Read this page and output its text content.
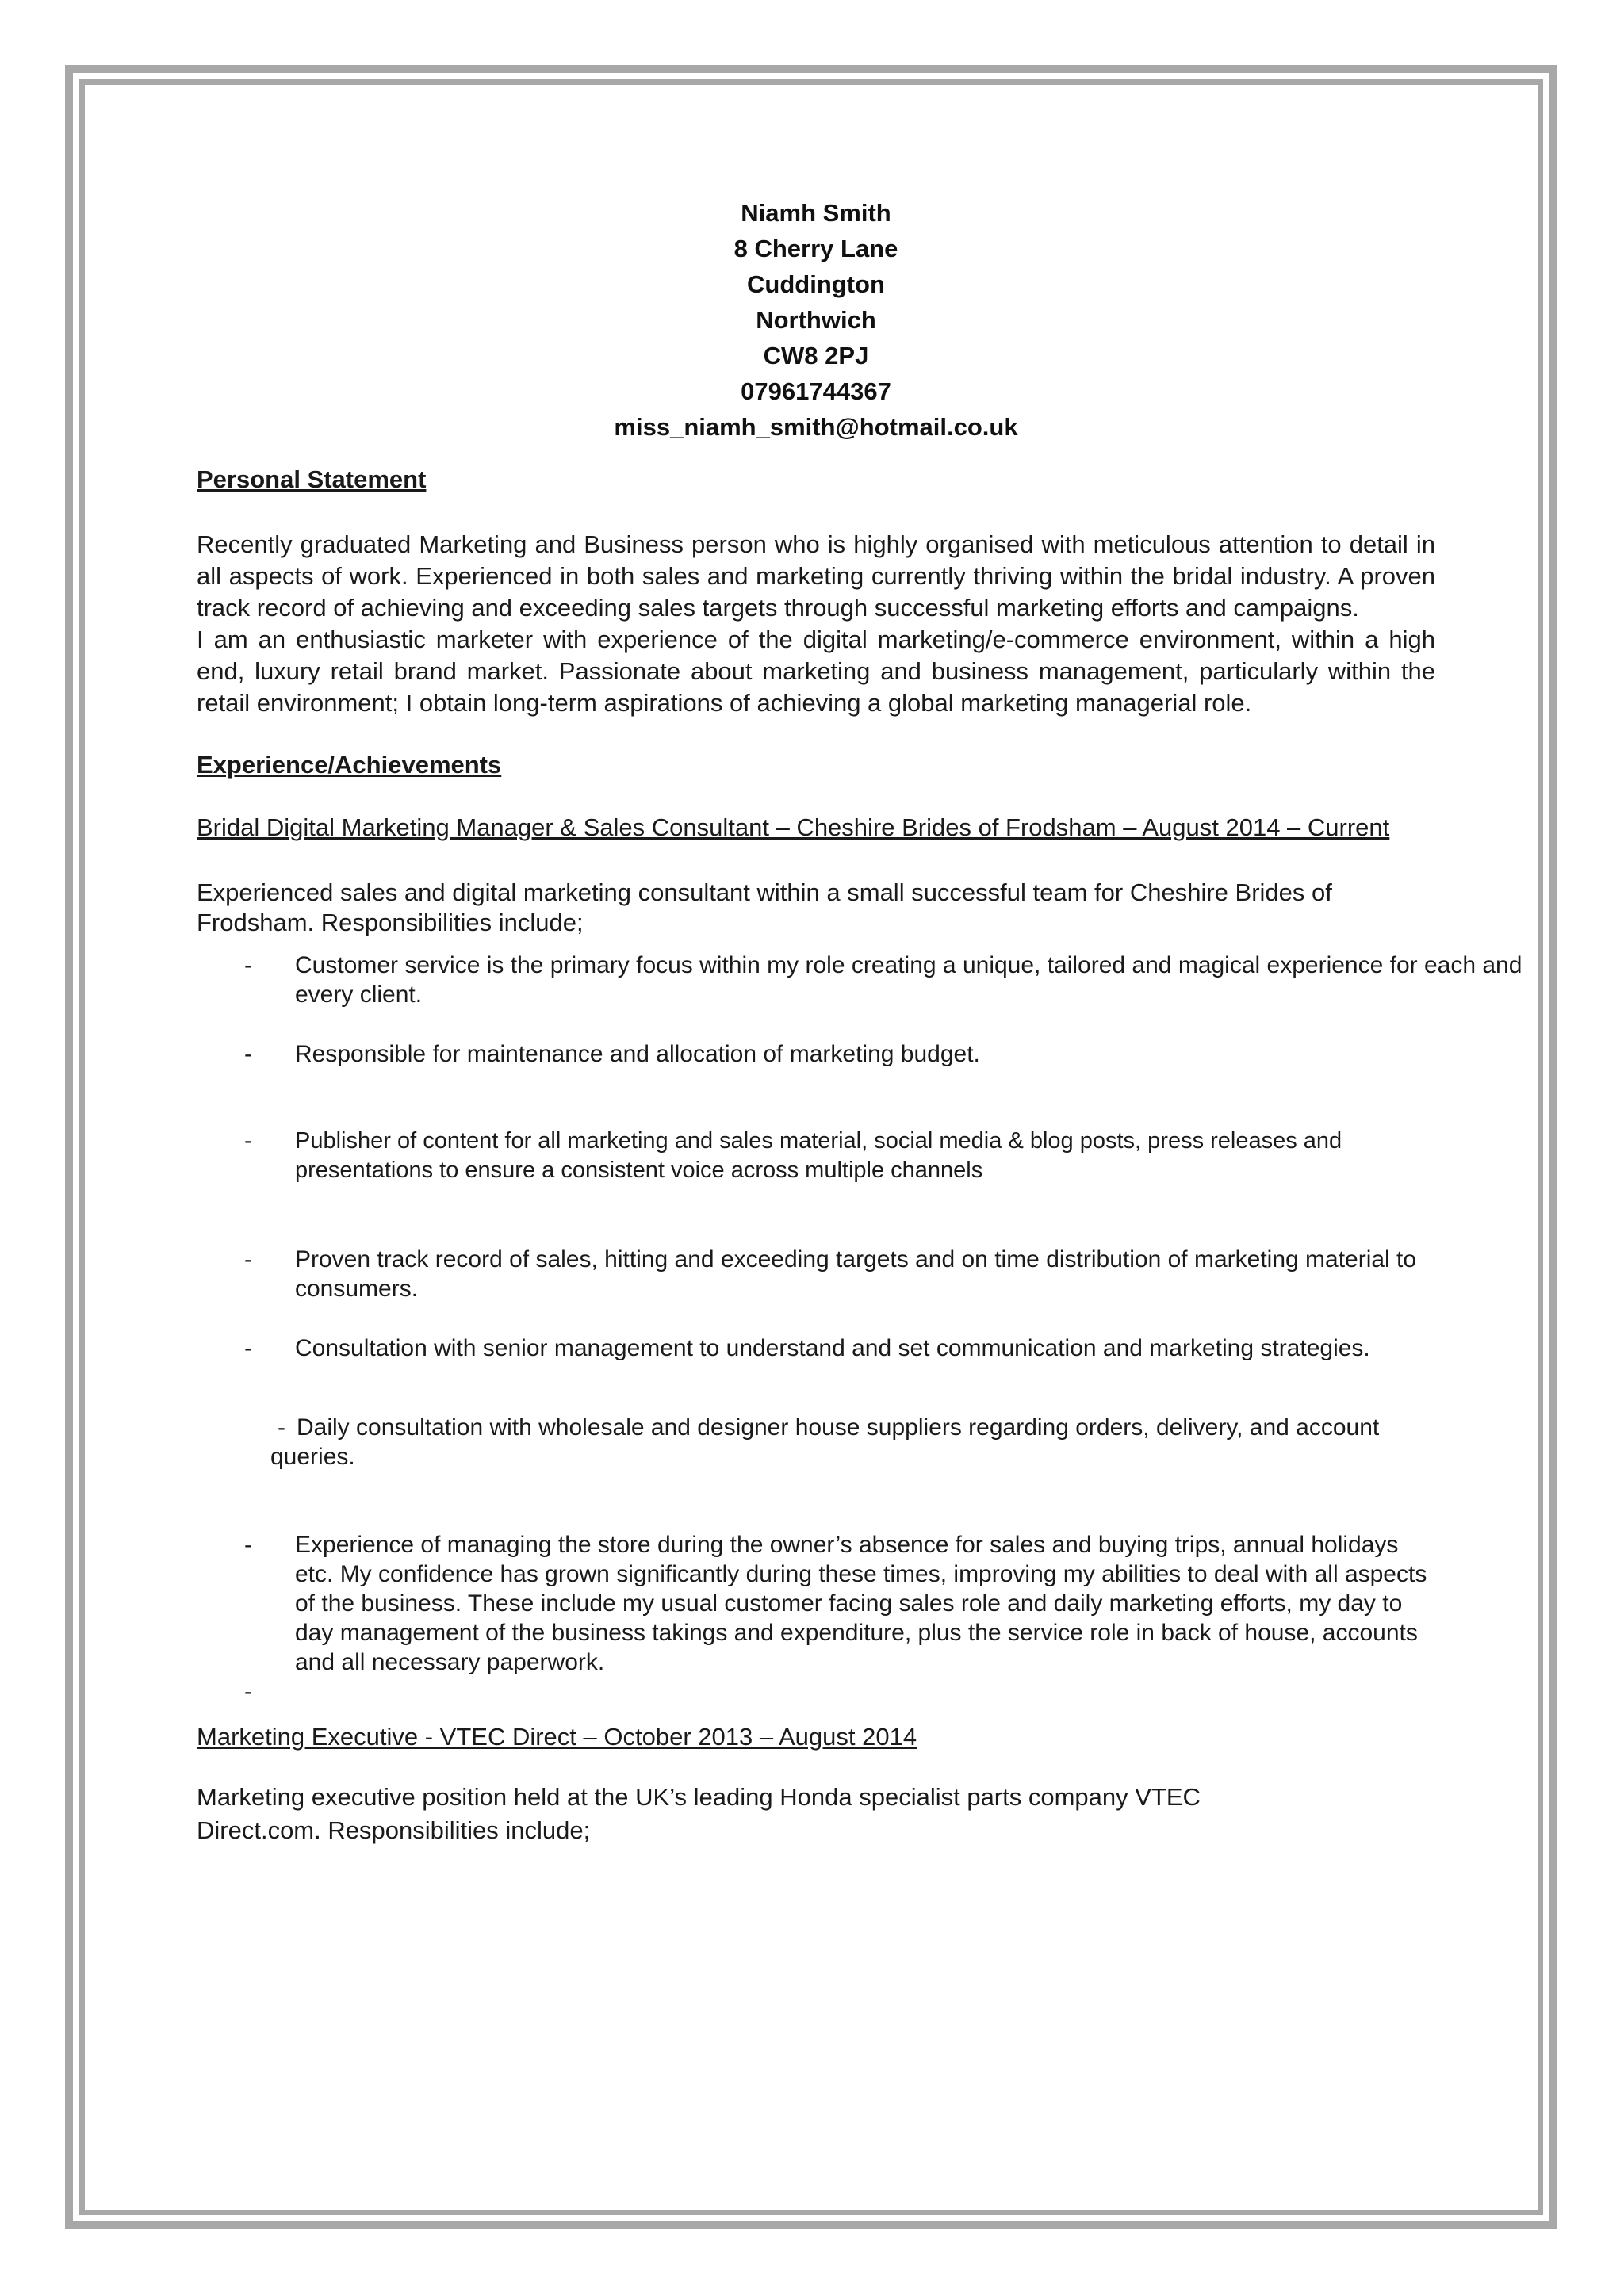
Niamh Smith
8 Cherry Lane
Cuddington
Northwich
CW8 2PJ
07961744367
miss_niamh_smith@hotmail.co.uk
Personal Statement
Recently graduated Marketing and Business person who is highly organised with meticulous attention to detail in all aspects of work. Experienced in both sales and marketing currently thriving within the bridal industry. A proven track record of achieving and exceeding sales targets through successful marketing efforts and campaigns.
I am an enthusiastic marketer with experience of the digital marketing/e-commerce environment, within a high end, luxury retail brand market. Passionate about marketing and business management, particularly within the retail environment; I obtain long-term aspirations of achieving a global marketing managerial role.
Experience/Achievements
Bridal Digital Marketing Manager & Sales Consultant – Cheshire Brides of Frodsham – August 2014 – Current
Experienced sales and digital marketing consultant within a small successful team for Cheshire Brides of Frodsham. Responsibilities include;
- Customer service is the primary focus within my role creating a unique, tailored and magical experience for each and every client.
- Responsible for maintenance and allocation of marketing budget.
- Publisher of content for all marketing and sales material, social media & blog posts, press releases and presentations to ensure a consistent voice across multiple channels
- Proven track record of sales, hitting and exceeding targets and on time distribution of marketing material to consumers.
- Consultation with senior management to understand and set communication and marketing strategies.
- Daily consultation with wholesale and designer house suppliers regarding orders, delivery, and account queries.
- Experience of managing the store during the owner’s absence for sales and buying trips, annual holidays etc. My confidence has grown significantly during these times, improving my abilities to deal with all aspects of the business. These include my usual customer facing sales role and daily marketing efforts, my day to day management of the business takings and expenditure, plus the service role in back of house, accounts and all necessary paperwork.
-
Marketing Executive - VTEC Direct – October 2013 – August 2014
Marketing executive position held at the UK’s leading Honda specialist parts company VTEC Direct.com. Responsibilities include;
